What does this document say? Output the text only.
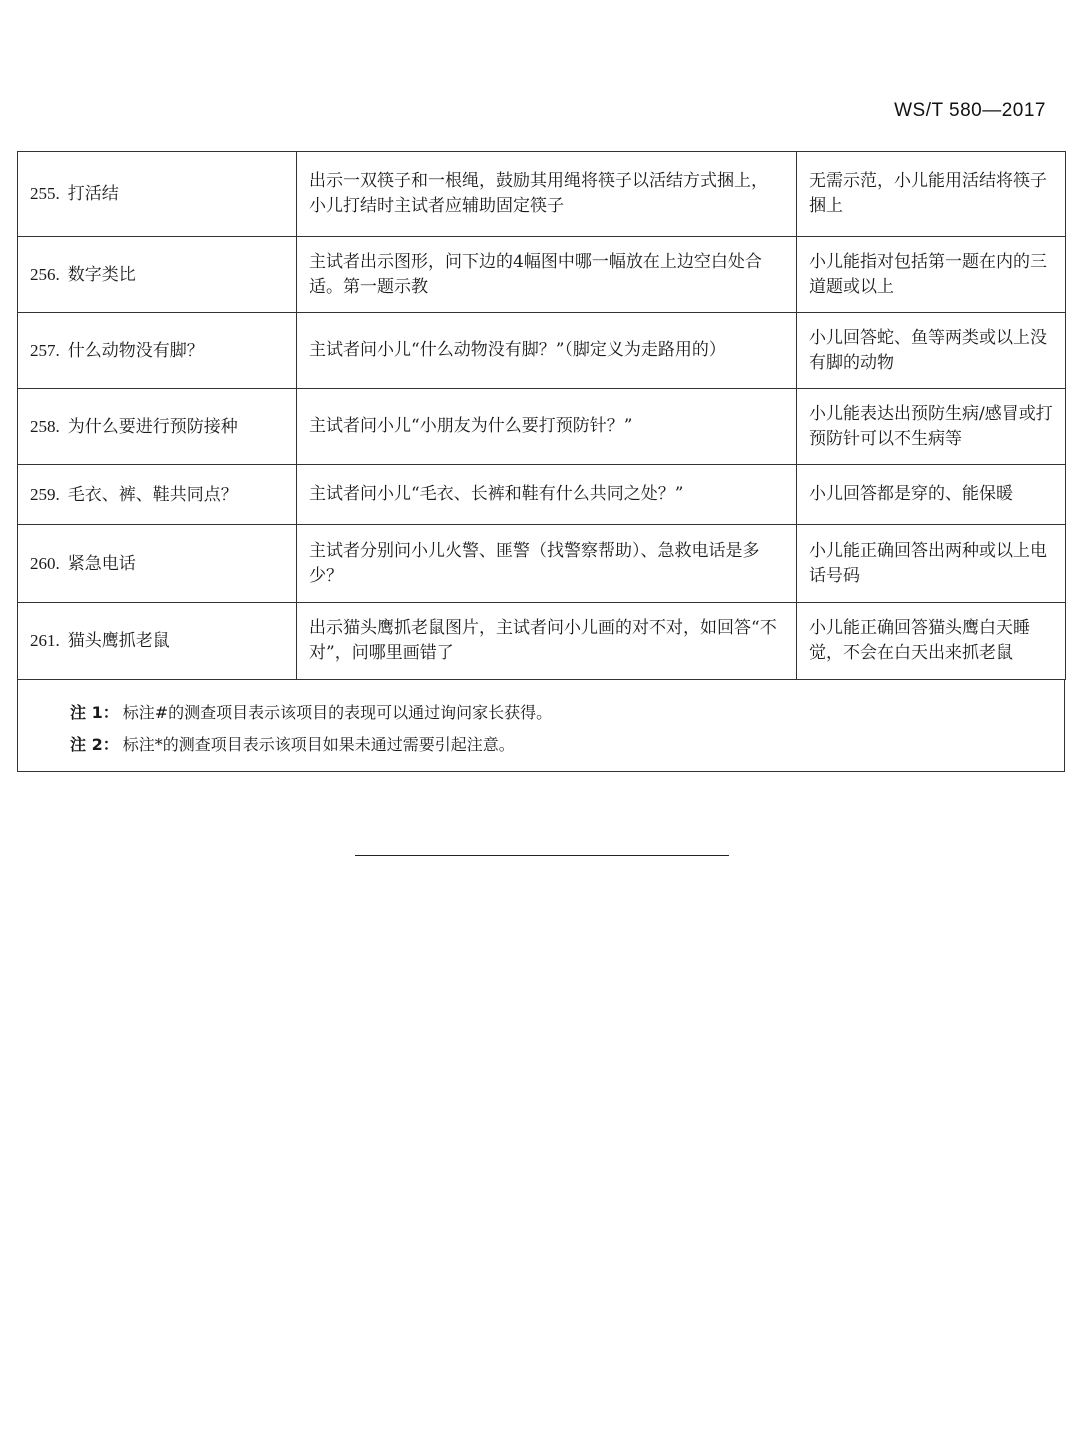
WS/T 580—2017
255. 打活结	出示一双筷子和一根绳，鼓励其用绳将筷子以活结方式捆上，小儿打结时主试者应辅助固定筷子	无需示范，小儿能用活结将筷子捆上
256. 数字类比	主试者出示图形，问下边的4幅图中哪一幅放在上边空白处合适。第一题示教	小儿能指对包括第一题在内的三道题或以上
257. 什么动物没有脚？	主试者问小儿“什么动物没有脚？”（脚定义为走路用的）	小儿回答蛇、鱼等两类或以上没有脚的动物
258. 为什么要进行预防接种	主试者问小儿“小朋友为什么要打预防针？”	小儿能表达出预防生病/感冒或打预防针可以不生病等
259. 毛衣、裤、鞋共同点？	主试者问小儿“毛衣、长裤和鞋有什么共同之处？”	小儿回答都是穿的、能保暖
260. 紧急电话	主试者分别问小儿火警、匪警（找警察帮助）、急救电话是多少？	小儿能正确回答出两种或以上电话号码
261. 猫头鹰抓老鼠	出示猫头鹰抓老鼠图片，主试者问小儿画的对不对，如回答“不对”，问哪里画错了	小儿能正确回答猫头鹰白天睡觉，不会在白天出来抓老鼠
注 1： 标注#的测查项目表示该项目的表现可以通过询问家长获得。
注 2： 标注*的测查项目表示该项目如果未通过需要引起注意。
